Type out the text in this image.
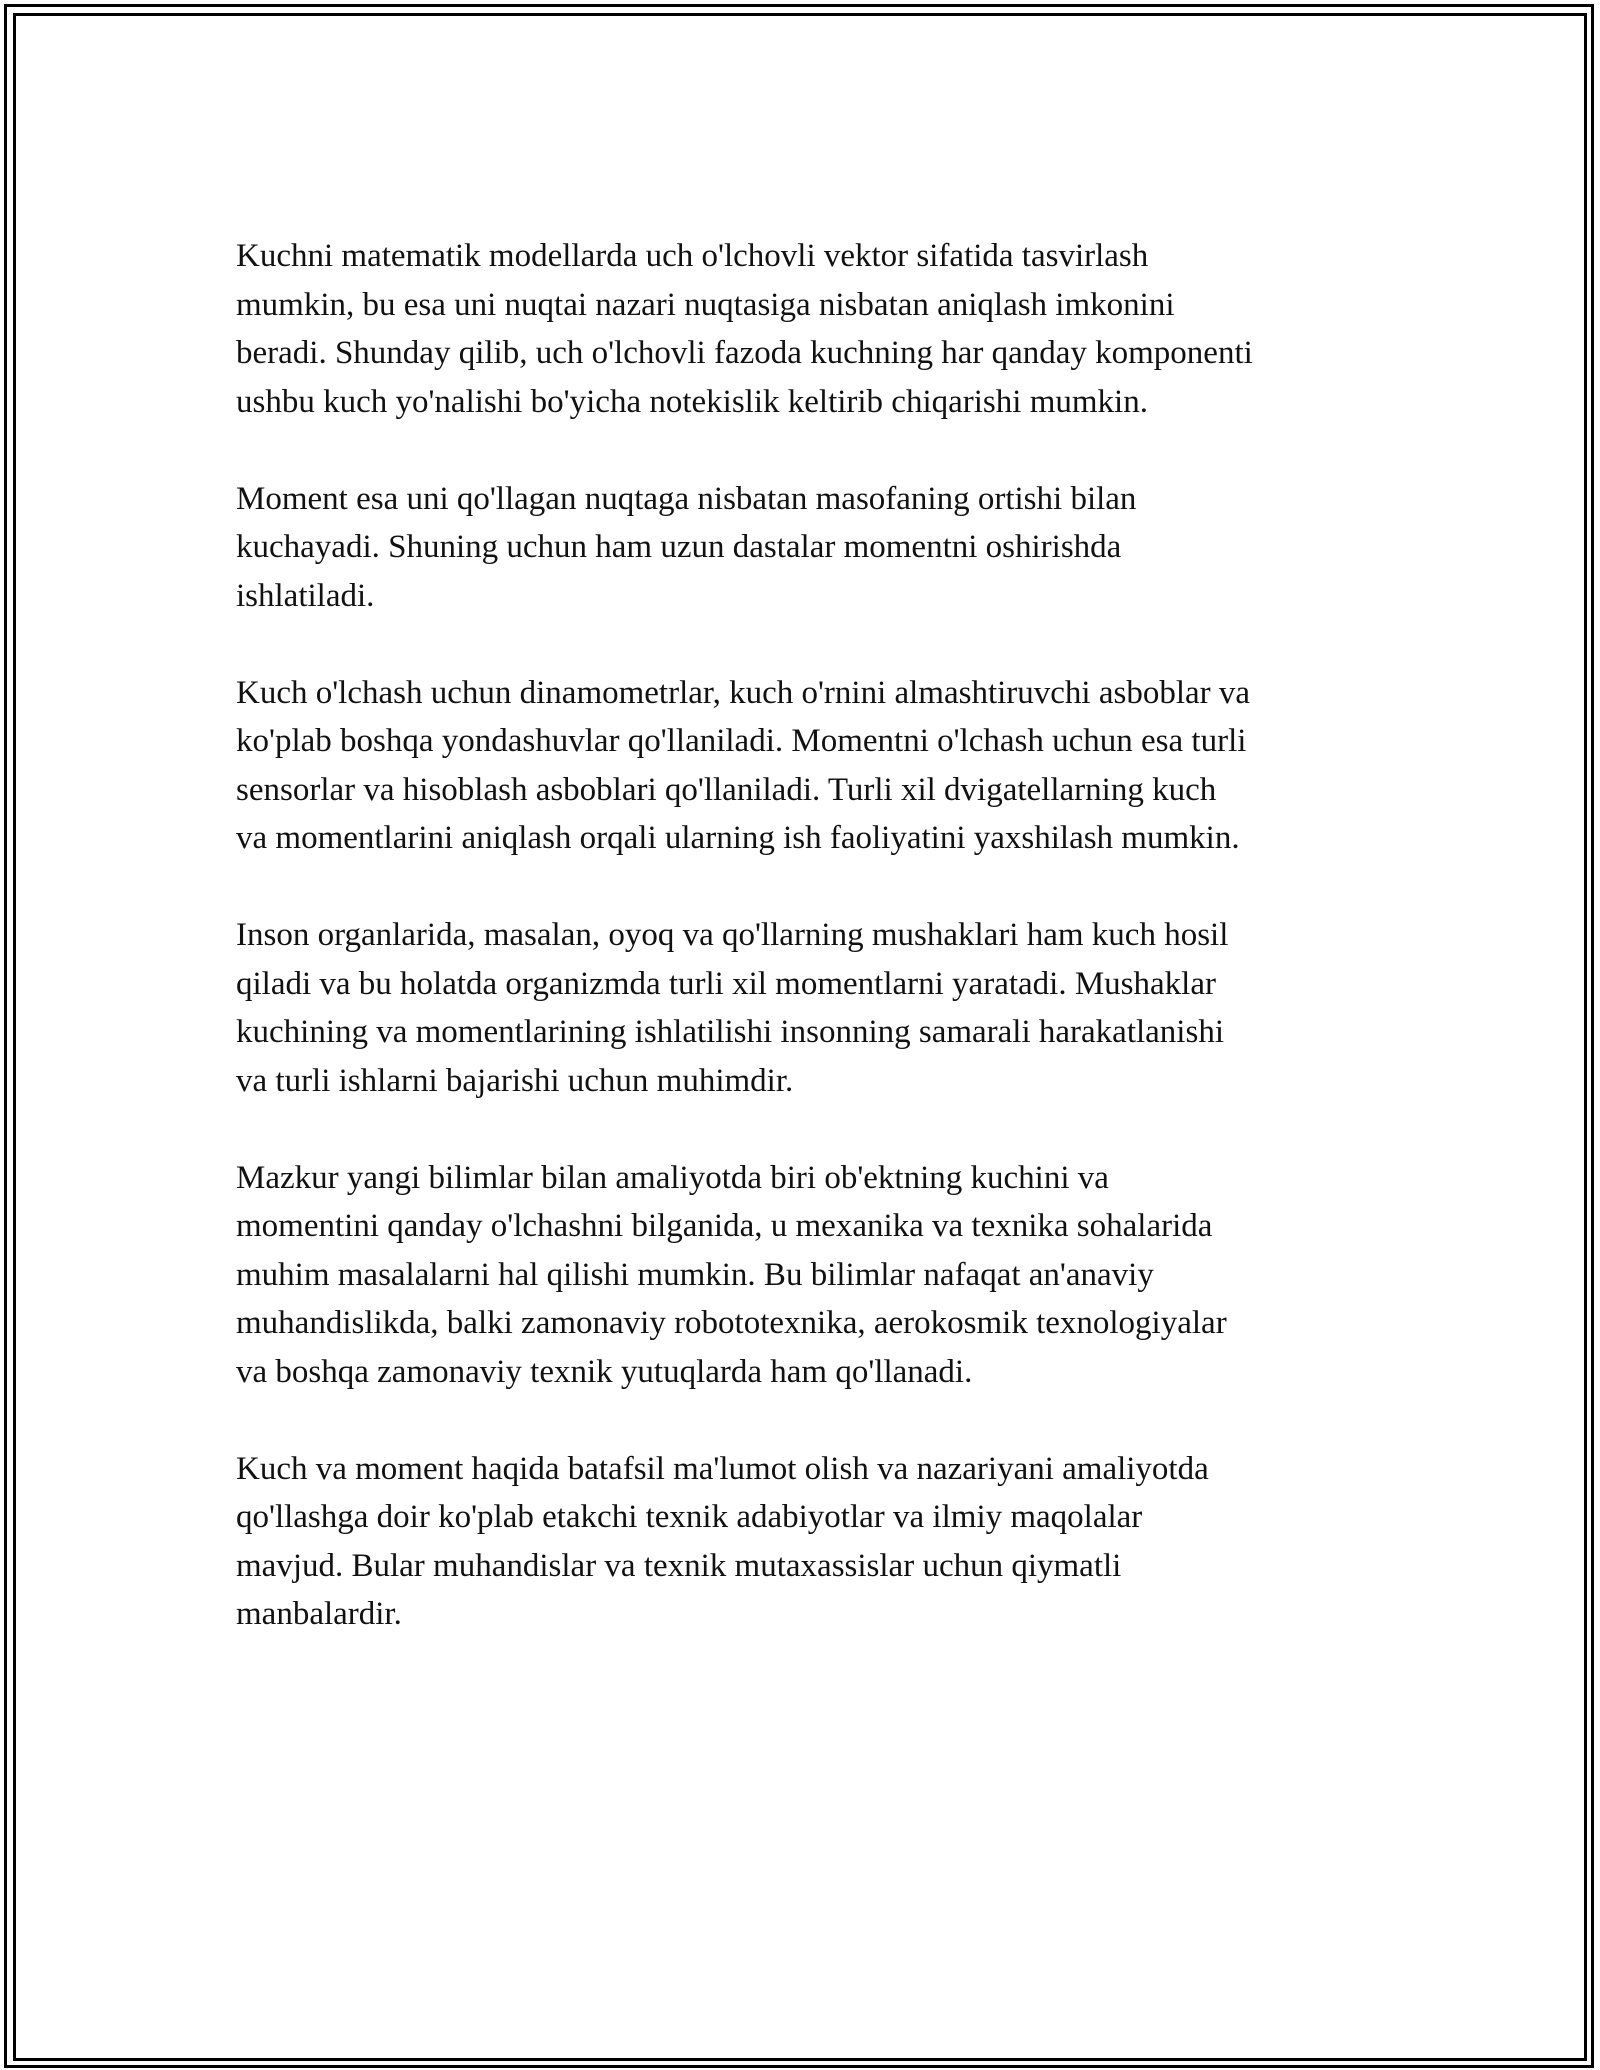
Kuchni matematik modellarda uch o'lchovli vektor sifatida tasvirlash
mumkin, bu esa uni nuqtai nazari nuqtasiga nisbatan aniqlash imkonini
beradi. Shunday qilib, uch o'lchovli fazoda kuchning har qanday komponenti
ushbu kuch yo'nalishi bo'yicha notekislik keltirib chiqarishi mumkin.

Moment esa uni qo'llagan nuqtaga nisbatan masofaning ortishi bilan
kuchayadi. Shuning uchun ham uzun dastalar momentni oshirishda
ishlatiladi.

Kuch o'lchash uchun dinamometrlar, kuch o'rnini almashtiruvchi asboblar va
ko'plab boshqa yondashuvlar qo'llaniladi. Momentni o'lchash uchun esa turli
sensorlar va hisoblash asboblari qo'llaniladi. Turli xil dvigatellarning kuch
va momentlarini aniqlash orqali ularning ish faoliyatini yaxshilash mumkin.

Inson organlarida, masalan, oyoq va qo'llarning mushaklari ham kuch hosil
qiladi va bu holatda organizmda turli xil momentlarni yaratadi. Mushaklar
kuchining va momentlarining ishlatilishi insonning samarali harakatlanishi
va turli ishlarni bajarishi uchun muhimdir.

Mazkur yangi bilimlar bilan amaliyotda biri ob'ektning kuchini va
momentini qanday o'lchashni bilganida, u mexanika va texnika sohalarida
muhim masalalarni hal qilishi mumkin. Bu bilimlar nafaqat an'anaviy
muhandislikda, balki zamonaviy robototexnika, aerokosmik texnologiyalar
va boshqa zamonaviy texnik yutuqlarda ham qo'llanadi.

Kuch va moment haqida batafsil ma'lumot olish va nazariyani amaliyotda
qo'llashga doir ko'plab etakchi texnik adabiyotlar va ilmiy maqolalar
mavjud. Bular muhandislar va texnik mutaxassislar uchun qiymatli
manbalardir.
